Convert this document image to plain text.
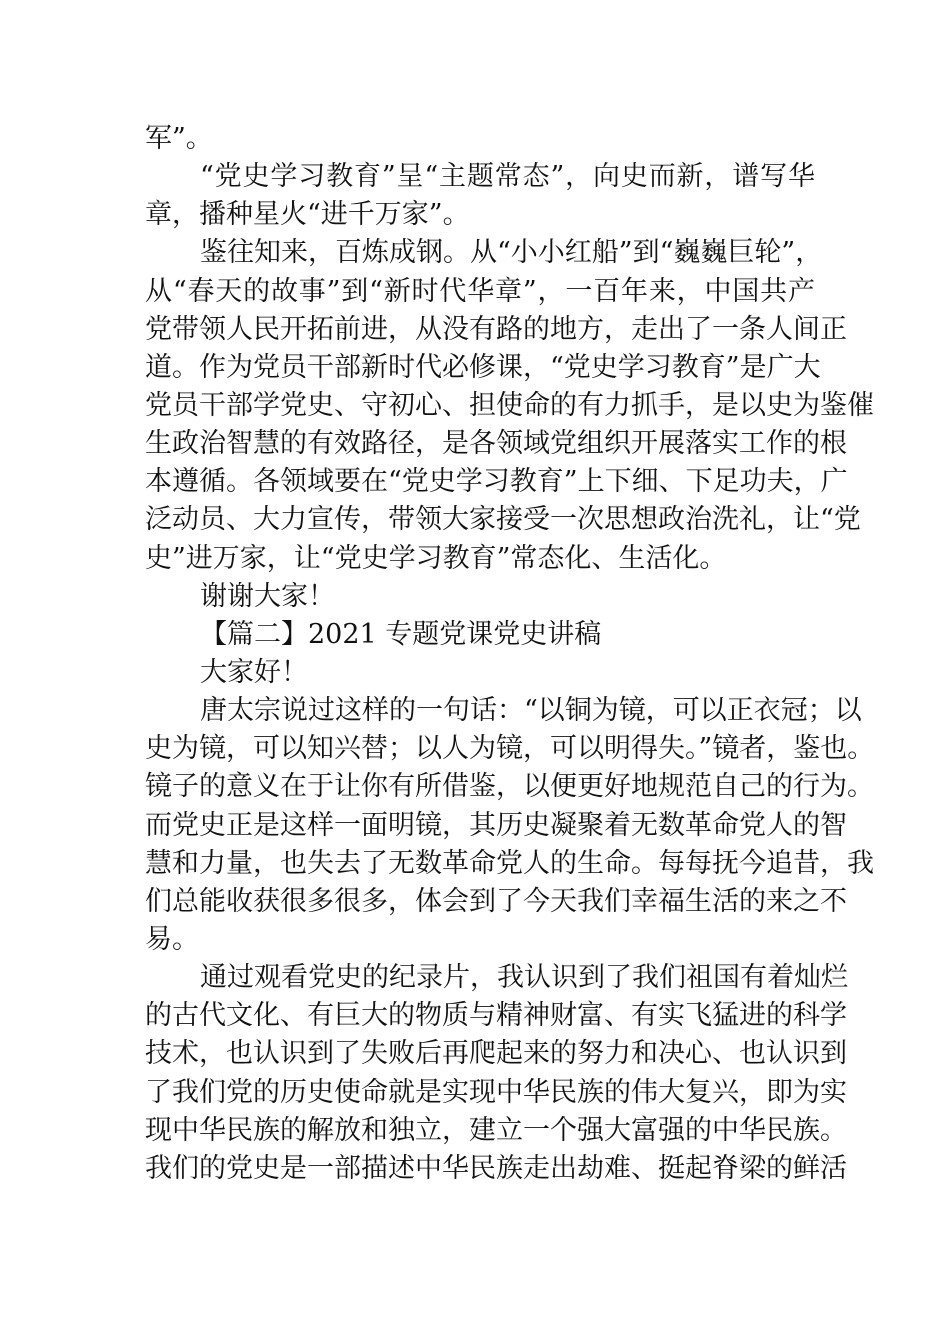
军”。
“党史学习教育”呈“主题常态”，向史而新，谱写华
章，播种星火“进千万家”。
鉴往知来，百炼成钢。从“小小红船”到“巍巍巨轮”，
从“春天的故事”到“新时代华章”，一百年来，中国共产
党带领人民开拓前进，从没有路的地方，走出了一条人间正
道。作为党员干部新时代必修课，“党史学习教育”是广大
党员干部学党史、守初心、担使命的有力抓手，是以史为鉴催
生政治智慧的有效路径，是各领域党组织开展落实工作的根
本遵循。各领域要在“党史学习教育”上下细、下足功夫，广
泛动员、大力宣传，带领大家接受一次思想政治洗礼，让“党
史”进万家，让“党史学习教育”常态化、生活化。
谢谢大家！
【篇二】2021 专题党课党史讲稿
大家好！
唐太宗说过这样的一句话：“以铜为镜，可以正衣冠；以
史为镜，可以知兴替；以人为镜，可以明得失。”镜者，鉴也。
镜子的意义在于让你有所借鉴，以便更好地规范自己的行为。
而党史正是这样一面明镜，其历史凝聚着无数革命党人的智
慧和力量，也失去了无数革命党人的生命。每每抚今追昔，我
们总能收获很多很多，体会到了今天我们幸福生活的来之不
易。
通过观看党史的纪录片，我认识到了我们祖国有着灿烂
的古代文化、有巨大的物质与精神财富、有实飞猛进的科学
技术，也认识到了失败后再爬起来的努力和决心、也认识到
了我们党的历史使命就是实现中华民族的伟大复兴，即为实
现中华民族的解放和独立，建立一个强大富强的中华民族。
我们的党史是一部描述中华民族走出劫难、挺起脊梁的鲜活
